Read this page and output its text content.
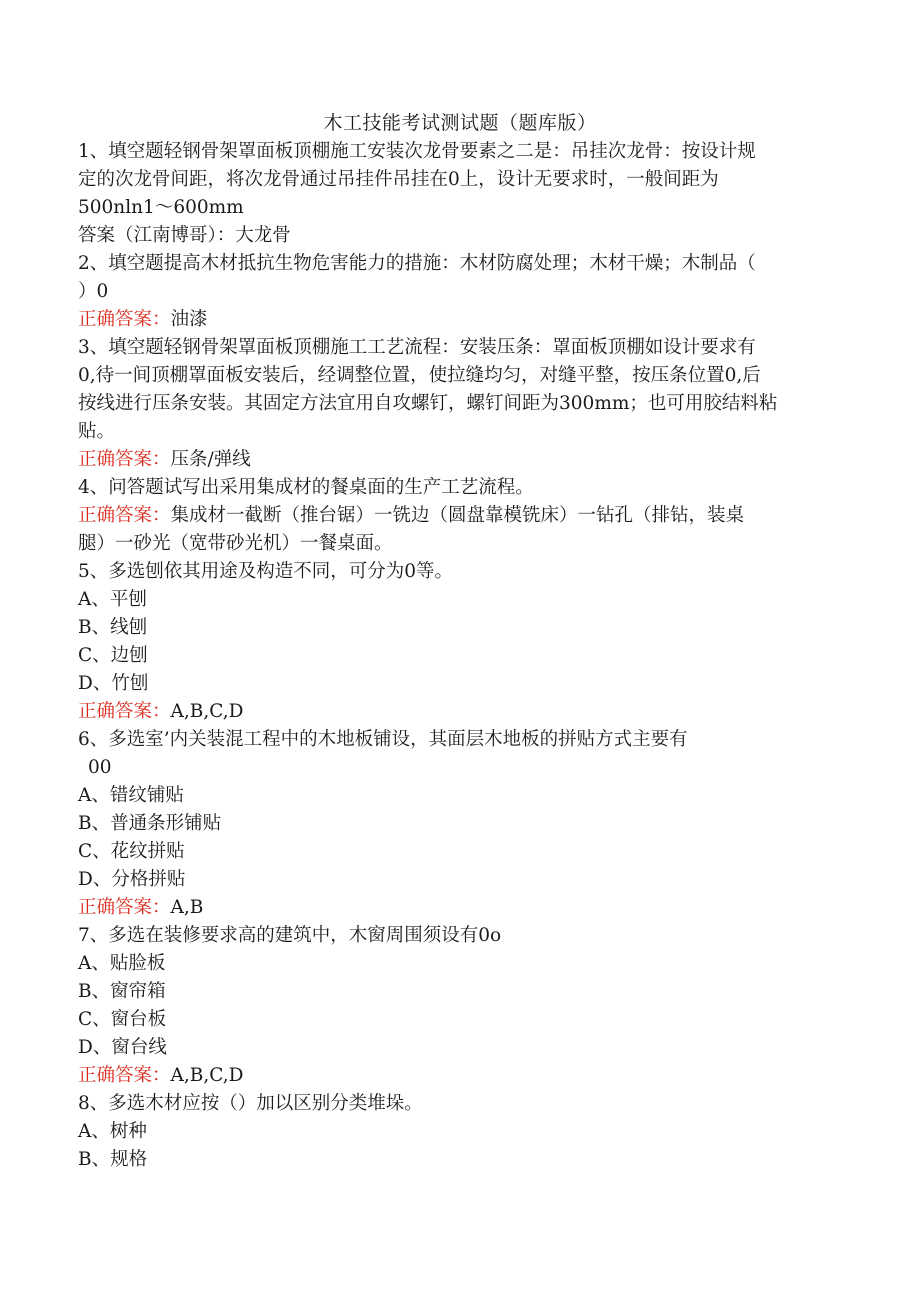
木工技能考试测试题（题库版）
1、填空题轻钢骨架罩面板顶棚施工安装次龙骨要素之二是：吊挂次龙骨：按设计规
定的次龙骨间距，将次龙骨通过吊挂件吊挂在0上，设计无要求时，一般间距为
500nln1～600mm
答案（江南博哥）：大龙骨
2、填空题提高木材抵抗生物危害能力的措施：木材防腐处理；木材干燥；木制品（
）0
正确答案：油漆
3、填空题轻钢骨架罩面板顶棚施工工艺流程：安装压条：罩面板顶棚如设计要求有
0,待一间顶棚罩面板安装后，经调整位置，使拉缝均匀，对缝平整，按压条位置0,后
按线进行压条安装。其固定方法宜用自攻螺钉，螺钉间距为300mm；也可用胶结料粘
贴。
正确答案：压条/弹线
4、问答题试写出采用集成材的餐桌面的生产工艺流程。
正确答案：集成材一截断（推台锯）一铣边（圆盘靠模铣床）一钻孔（排钻，装桌
腿）一砂光（宽带砂光机）一餐桌面。
5、多选刨依其用途及构造不同，可分为0等。
A、平刨
B、线刨
C、边刨
D、竹刨
正确答案：A,B,C,D
6、多选室’内关装混工程中的木地板铺设，其面层木地板的拼贴方式主要有
00
A、错纹铺贴
B、普通条形铺贴
C、花纹拼贴
D、分格拼贴
正确答案：A,B
7、多选在装修要求高的建筑中，木窗周围须设有0o
A、贴脸板
B、窗帘箱
C、窗台板
D、窗台线
正确答案：A,B,C,D
8、多选木材应按（）加以区别分类堆垛。
A、树种
B、规格
